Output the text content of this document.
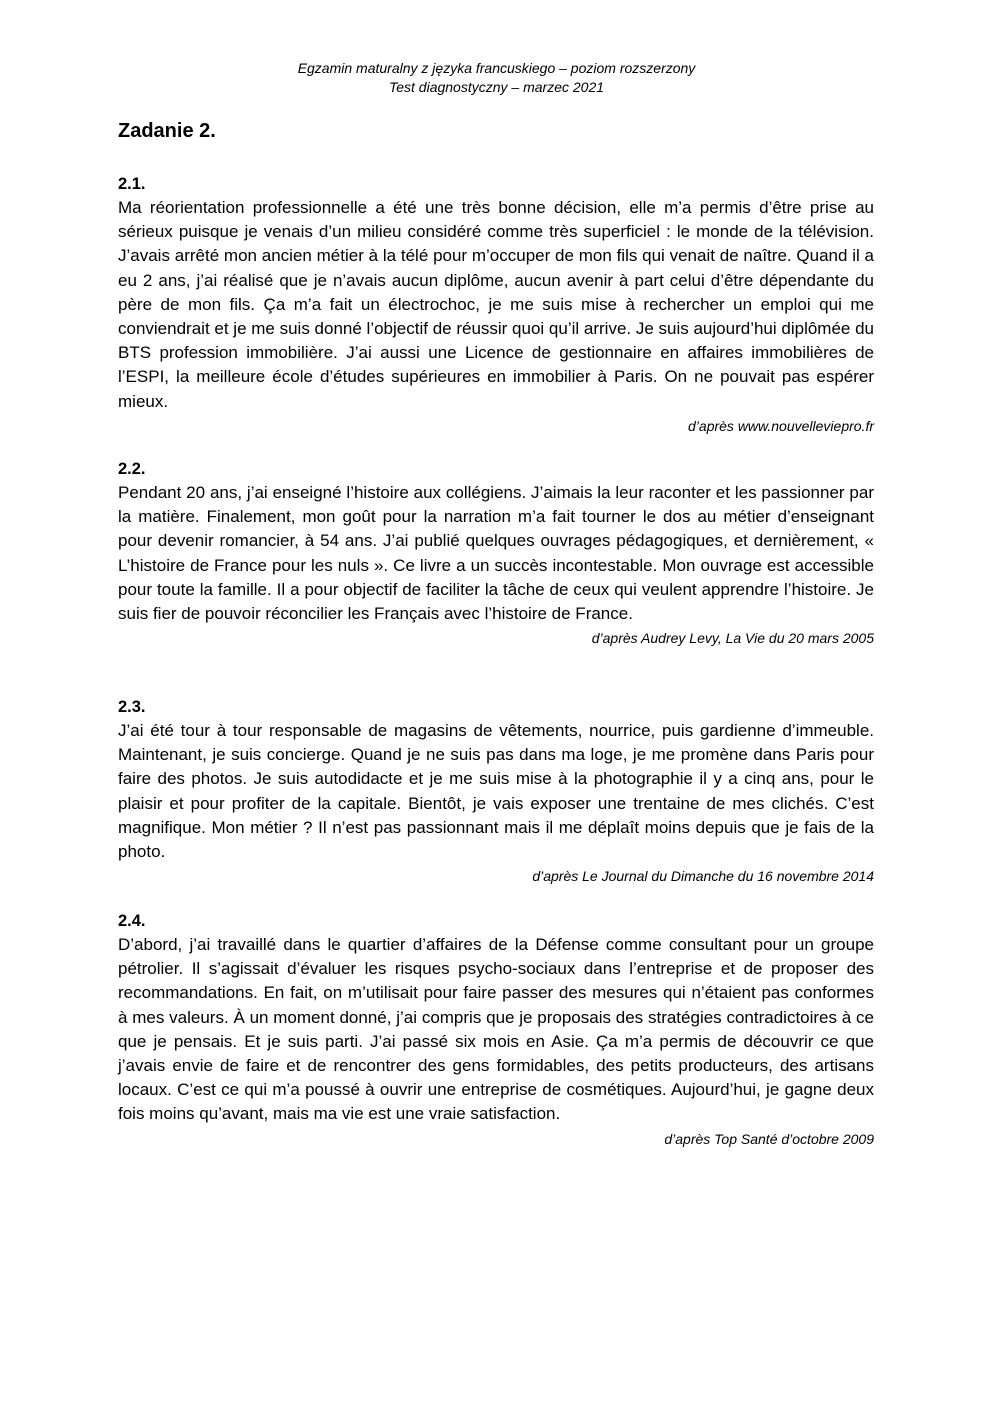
Egzamin maturalny z języka francuskiego – poziom rozszerzony
Test diagnostyczny – marzec 2021
Zadanie 2.

2.1.

Ma réorientation professionnelle a été une très bonne décision, elle m’a permis d’être prise au sérieux puisque je venais d’un milieu considéré comme très superficiel : le monde de la télévision. J’avais arrêté mon ancien métier à la télé pour m’occuper de mon fils qui venait de naître. Quand il a eu 2 ans, j’ai réalisé que je n’avais aucun diplôme, aucun avenir à part celui d’être dépendante du père de mon fils. Ça m’a fait un électrochoc, je me suis mise à rechercher un emploi qui me conviendrait et je me suis donné l’objectif de réussir quoi qu’il arrive. Je suis aujourd’hui diplômée du BTS profession immobilière. J’ai aussi une Licence de gestionnaire en affaires immobilières de l’ESPI, la meilleure école d’études supérieures en immobilier à Paris. On ne pouvait pas espérer mieux.

d’après www.nouvelleviepro.fr

2.2.

Pendant 20 ans, j’ai enseigné l’histoire aux collégiens. J’aimais la leur raconter et les passionner par la matière. Finalement, mon goût pour la narration m’a fait tourner le dos au métier d’enseignant pour devenir romancier, à 54 ans. J’ai publié quelques ouvrages pédagogiques, et dernièrement, « L’histoire de France pour les nuls ». Ce livre a un succès incontestable. Mon ouvrage est accessible pour toute la famille. Il a pour objectif de faciliter la tâche de ceux qui veulent apprendre l’histoire. Je suis fier de pouvoir réconcilier les Français avec l’histoire de France.

d’après Audrey Levy, La Vie du 20 mars 2005

2.3.

J’ai été tour à tour responsable de magasins de vêtements, nourrice, puis gardienne d’immeuble. Maintenant, je suis concierge. Quand je ne suis pas dans ma loge, je me promène dans Paris pour faire des photos. Je suis autodidacte et je me suis mise à la photographie il y a cinq ans, pour le plaisir et pour profiter de la capitale. Bientôt, je vais exposer une trentaine de mes clichés. C’est magnifique. Mon métier ? Il n’est pas passionnant mais il me déplaît moins depuis que je fais de la photo.

d’après Le Journal du Dimanche du 16 novembre 2014

2.4.

D’abord, j’ai travaillé dans le quartier d’affaires de la Défense comme consultant pour un groupe pétrolier. Il s’agissait d’évaluer les risques psycho-sociaux dans l’entreprise et de proposer des recommandations. En fait, on m’utilisait pour faire passer des mesures qui n’étaient pas conformes à mes valeurs. À un moment donné, j’ai compris que je proposais des stratégies contradictoires à ce que je pensais. Et je suis parti. J’ai passé six mois en Asie. Ça m’a permis de découvrir ce que j’avais envie de faire et de rencontrer des gens formidables, des petits producteurs, des artisans locaux. C’est ce qui m’a poussé à ouvrir une entreprise de cosmétiques. Aujourd’hui, je gagne deux fois moins qu’avant, mais ma vie est une vraie satisfaction.

d’après Top Santé d’octobre 2009
